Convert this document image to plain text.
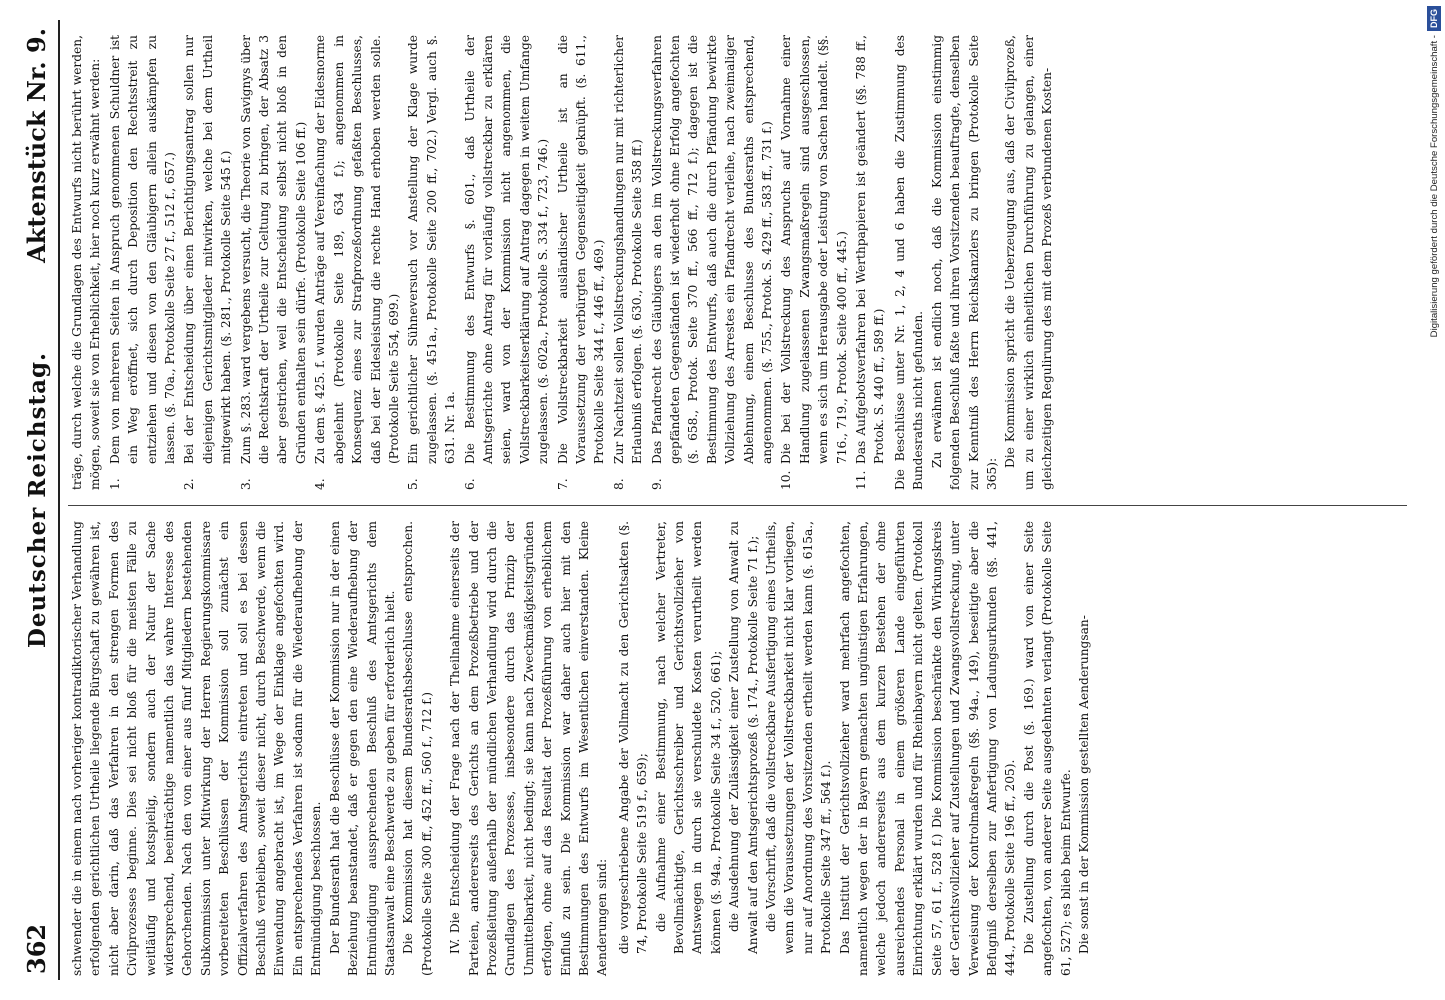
362
Deutscher Reichstag.
Aktenstück Nr. 9.

schwender die in einem nach vorheriger kontradiktorischer Verhandlung erfolgenden gerichtlichen Urtheile liegende Bürgschaft zu gewähren ist, nicht aber darin, daß das Verfahren in den strengen Formen des Civilprozesses beginne. Dies sei nicht bloß für die meisten Fälle zu weitläufig und kostspielig, sondern auch der Natur der Sache widersprechend, beeinträchtige namentlich das wahre Interesse des Gehorchenden. Nach den von einer aus fünf Mitgliedern bestehenden Subkommission unter Mitwirkung der Herren Regierungskommissare vorbereiteten Beschlüssen der Kommission soll zunächst ein Offizialverfahren des Amtsgerichts eintreten und soll es bei dessen Beschluß verbleiben, soweit dieser nicht, durch Beschwerde, wenn die Einwendung angebracht ist, im Wege der Einklage angefochten wird. Ein entsprechendes Verfahren ist sodann für die Wiederaufhebung der Entmündigung beschlossen. Der Bundesrath hat die Beschlüsse der Kommission nur in der einen Beziehung beanstandet, daß er gegen den eine Wiederaufhebung der Entmündigung aussprechenden Beschluß des Amtsgerichts dem Staatsanwalt eine Beschwerde zu geben für erforderlich hielt. Die Kommission hat diesem Bundesrathsbeschlusse entsprochen. (Protokolle Seite 300 ff., 452 ff., 560 f., 712 f.) IV. Die Entscheidung der Frage nach der Theilnahme einerseits der Parteien, andererseits des Gerichts an dem Prozeßbetriebe und der Prozeßleitung außerhalb der mündlichen Verhandlung wird durch die Grundlagen des Prozesses, insbesondere durch das Prinzip der Unmittelbarkeit, nicht bedingt; sie kann nach Zweckmäßigkeitsgründen erfolgen, ohne auf das Resultat der Prozeßführung von erheblichem Einfluß zu sein. Die Kommission war daher auch hier mit den Bestimmungen des Entwurfs im Wesentlichen einverstanden. Kleine Aenderungen sind: die vorgeschriebene Angabe der Vollmacht zu den Gerichtsakten (§. 74, Protokolle Seite 519 f., 659); die Aufnahme einer Bestimmung, nach welcher Vertreter, Bevollmächtigte, Gerichtsschreiber und Gerichtsvollzieher von Amtswegen in durch sie verschuldete Kosten verurtheilt werden können (§. 94a., Protokolle Seite 34 f., 520, 661); die Ausdehnung der Zulässigkeit einer Zustellung von Anwalt zu Anwalt auf den Amtsgerichtsprozeß (§. 174., Protokolle Seite 71 f.); die Vorschrift, daß die vollstreckbare Ausfertigung eines Urtheils, wenn die Voraussetzungen der Vollstreckbarkeit nicht klar vorliegen, nur auf Anordnung des Vorsitzenden ertheilt werden kann (§. 615a., Protokolle Seite 347 ff., 564 f.). Das Institut der Gerichtsvollzieher ward mehrfach angefochten, namentlich wegen der in Bayern gemachten ungünstigen Erfahrungen, welche jedoch andererseits aus dem kurzen Bestehen der ohne ausreichendes Personal in einem größeren Lande eingeführten Einrichtung erklärt wurden und für Rheinbayern nicht gelten. (Protokoll Seite 57, 61 f., 528 f.) Die Kommission beschränkte den Wirkungskreis der Gerichtsvollzieher auf Zustellungen und Zwangsvollstreckung, unter Verweisung der Kontrolmaßregeln (§§. 94a., 149), beseitigte aber die Befugniß derselben zur Anfertigung von Ladungsurkunden (§§. 441, 444., Protokolle Seite 196 ff., 205). Die Zustellung durch die Post (§. 169.) ward von einer Seite angefochten, von anderer Seite ausgedehnten verlangt (Protokolle Seite 61, 527); es blieb beim Entwurfe. Die sonst in der Kommission gestellten Aenderungsan-

träge, durch welche die Grundlagen des Entwurfs nicht berührt werden, mögen, soweit sie von Erheblichkeit, hier noch kurz erwähnt werden: 1.
Dem von mehreren Seiten in Anspruch genommenen Schuldner ist ein Weg eröffnet, sich durch Deposition den Rechtsstreit zu entziehen und diesen von den Gläubigern allein auskämpfen zu lassen. (§. 70a., Protokolle Seite 27 f., 512 f., 657.)
2.
Bei der Entscheidung über einen Berichtigungsantrag sollen nur diejenigen Gerichtsmitglieder mitwirken, welche bei dem Urtheil mitgewirkt haben. (§. 281., Protokolle Seite 545 f.)
3.
Zum §. 283. ward vergebens versucht, die Theorie von Savignys über die Rechtskraft der Urtheile zur Geltung zu bringen, der Absatz 3 aber gestrichen, weil die Entscheidung selbst nicht bloß in den Gründen enthalten sein dürfe. (Protokolle Seite 106 ff.)
4.
Zu dem §. 425. f. wurden Anträge auf Vereinfachung der Eidesnorme abgelehnt (Protokolle Seite 189, 634 f.); angenommen in Konsequenz eines zur Strafprozeßordnung gefaßten Beschlusses, daß bei der Eidesleistung die rechte Hand erhoben werden solle. (Protokolle Seite 554, 699.)
5.
Ein gerichtlicher Sühneversuch vor Anstellung der Klage wurde zugelassen. (§. 451a., Protokolle Seite 200 ff., 702.) Vergl. auch §. 631. Nr. 1a.
6.
Die Bestimmung des Entwurfs §. 601., daß Urtheile der Amtsgerichte ohne Antrag für vorläufig vollstreckbar zu erklären seien, ward von der Kommission nicht angenommen, die Vollstreckbarkeitserklärung auf Antrag dagegen in weitem Umfange zugelassen. (§. 602a., Protokolle S. 334 f., 723, 746.)
7.
Die Vollstreckbarkeit ausländischer Urtheile ist an die Voraussetzung der verbürgten Gegenseitigkeit geknüpft. (§. 611., Protokolle Seite 344 f., 446 ff., 469.)
8.
Zur Nachtzeit sollen Vollstreckungshandlungen nur mit richterlicher Erlaubniß erfolgen. (§. 630., Protokolle Seite 358 ff.)
9.
Das Pfandrecht des Gläubigers an den im Vollstreckungsverfahren gepfändeten Gegenständen ist wiederholt ohne Erfolg angefochten (§. 658., Protok. Seite 370 ff., 566 ff., 712 f.); dagegen ist die Bestimmung des Entwurfs, daß auch die durch Pfändung bewirkte Vollziehung des Arrestes ein Pfandrecht verleihe, nach zweimaliger Ablehnung, einem Beschlusse des Bundesraths entsprechend, angenommen. (§. 755., Protok. S. 429 ff., 583 ff., 731 f.)
10.
Die bei der Vollstreckung des Anspruchs auf Vornahme einer Handlung zugelassenen Zwangsmaßregeln sind ausgeschlossen, wenn es sich um Herausgabe oder Leistung von Sachen handelt. (§§. 716., 719., Protok. Seite 400 ff., 445.)
11.
Das Aufgebotsverfahren bei Werthpapieren ist geändert (§§. 788 ff., Protok. S. 440 ff., 589 ff.) Die Beschlüsse unter Nr. 1, 2, 4 und 6 haben die Zustimmung des Bundesraths nicht gefunden. Zu erwähnen ist endlich noch, daß die Kommission einstimmig folgenden Beschluß faßte und ihren Vorsitzenden beauftragte, denselben zur Kenntniß des Herrn Reichskanzlers zu bringen (Protokolle Seite 365):

Die Kommission spricht die Ueberzeugung aus, daß der Civilprozeß, um zu einer wirklich einheitlichen Durchführung zu gelangen, einer gleichzeitigen Regulirung des mit dem Prozeß verbundenen Kosten-	Digitalisierung gefördert durch die Deutsche Forschungsgemeinschaft -DFG
